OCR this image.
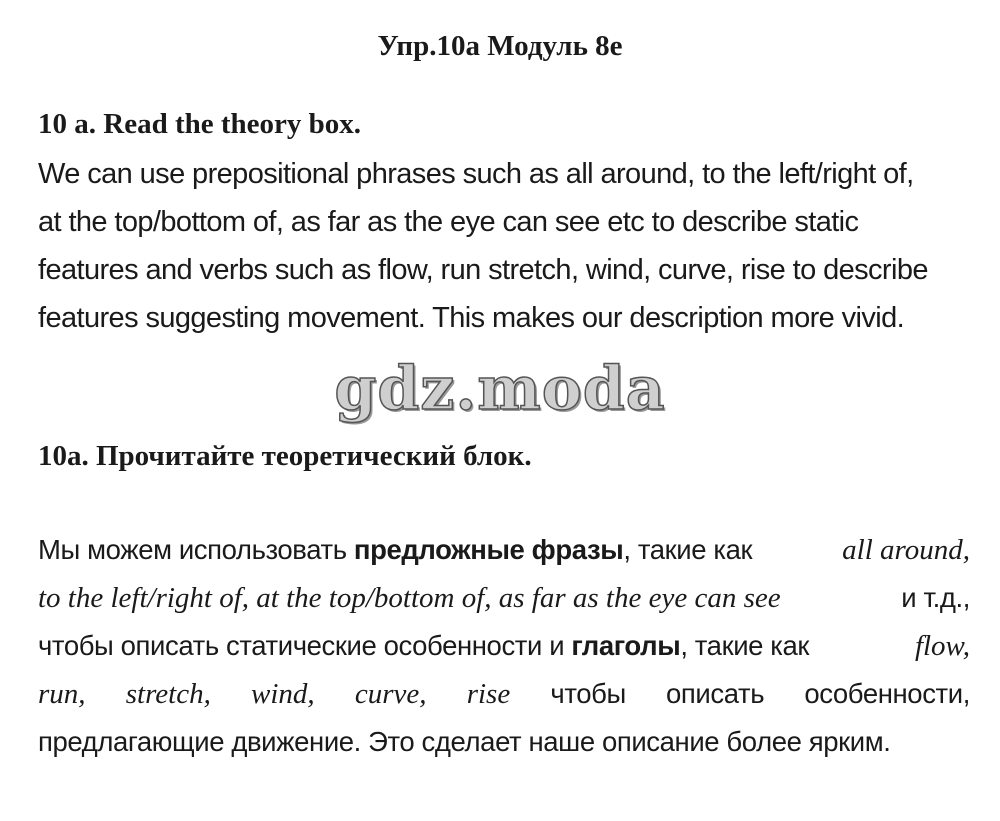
Упр.10а Модуль 8е
10 a. Read the theory box.
We can use prepositional phrases such as all around, to the left/right of,
at the top/bottom of, as far as the eye can see etc to describe static
features and verbs such as flow, run stretch, wind, curve, rise to describe
features suggesting movement. This makes our description more vivid.
gdz.moda
10а. Прочитайте теоретический блок.
Мы можем использовать предложные фразы, такие как	all around,
to the left/right of, at the top/bottom of, as far as the eye can see	и т.д.,
чтобы описать статические особенности и глаголы, такие как	flow,
run, stretch, wind, curve, rise чтобы описать особенности,
предлагающие движение. Это сделает наше описание более ярким.
